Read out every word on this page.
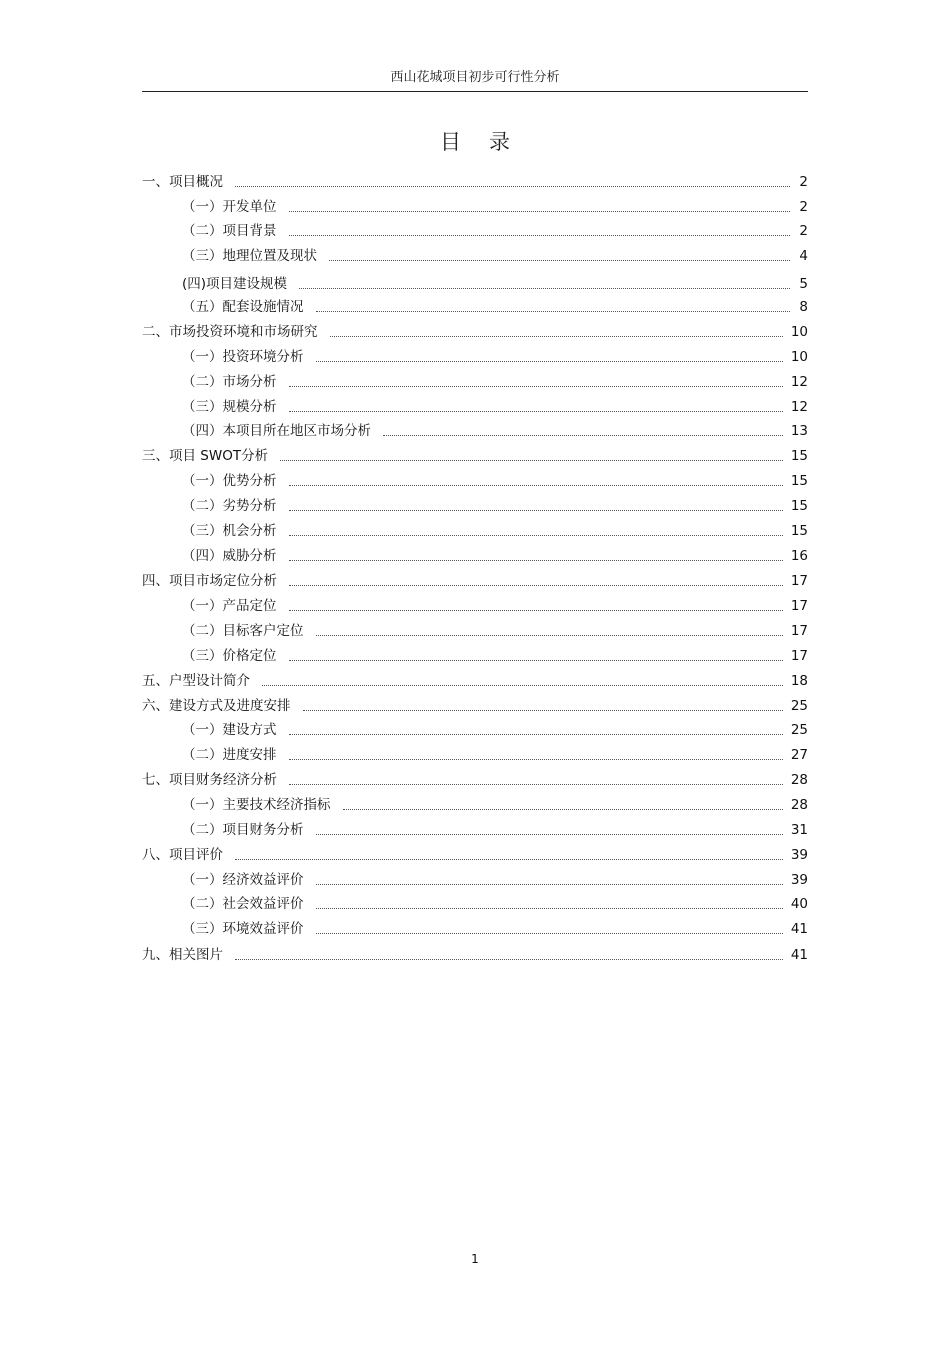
西山花城项目初步可行性分析
目录
一、项目概况	2
（一）开发单位	2
（二）项目背景	2
（三）地理位置及现状	4
(四)项目建设规模	5
（五）配套设施情况	8
二、市场投资环境和市场研究	10
（一）投资环境分析	10
（二）市场分析	12
（三）规模分析	12
（四）本项目所在地区市场分析	13
三、项目 SWOT分析	15
（一）优势分析	15
（二）劣势分析	15
（三）机会分析	15
（四）威胁分析	16
四、项目市场定位分析	17
（一）产品定位	17
（二）目标客户定位	17
（三）价格定位	17
五、户型设计简介	18
六、建设方式及进度安排	25
（一）建设方式	25
（二）进度安排	27
七、项目财务经济分析	28
（一）主要技术经济指标	28
（二）项目财务分析	31
八、项目评价	39
（一）经济效益评价	39
（二）社会效益评价	40
（三）环境效益评价	41
九、相关图片	41
1
